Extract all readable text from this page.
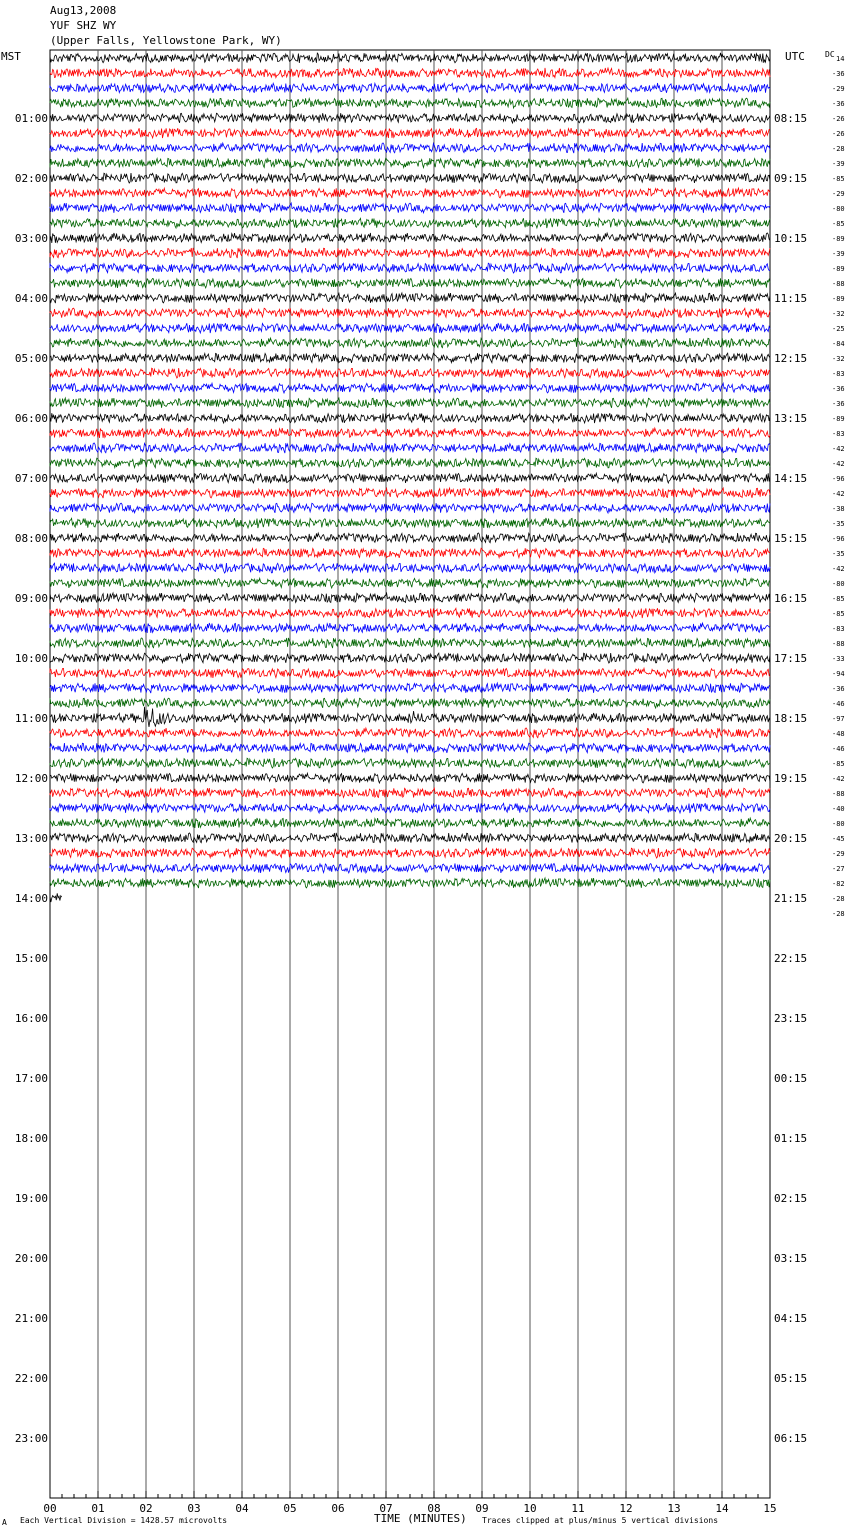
Aug13,2008
YUF SHZ WY
(Upper Falls, Yellowstone Park, WY)
MST	UTC
01:00
02:00
03:00
04:00
05:00
06:00
07:00
08:00
09:00
10:00
11:00
12:00
13:00
14:00
15:00
16:00
17:00
18:00
19:00
20:00
21:00
22:00
23:00
08:15
09:15
10:15
11:15
12:15
13:15
14:15
15:15
16:15
17:15
18:15
19:15
20:15
21:15
22:15
23:15
00:15
01:15
02:15
03:15
04:15
05:15
06:15
DC 14
-36
-29
-36
-26
-26
-28
-39
-85
-29
-80
-85
-89
-39
-89
-88
-89
-32
-25
-84
-32
-83
-36
-36
-89
-83
-42
-42
-96
-42
-38
-35
-96
-35
-42
-80
-85
-85
-83
-88
-33
-94
-36
-46
-97
-48
-46
-85
-42
-88
-40
-80
-45
-29
-27
-82
-28
-28
00	01	02	03	04	05	06	07	08	09	10	11	12	13	14	15
TIME (MINUTES)
A Each Vertical Division = 1428.57 microvolts	Traces clipped at plus/minus 5 vertical divisions
